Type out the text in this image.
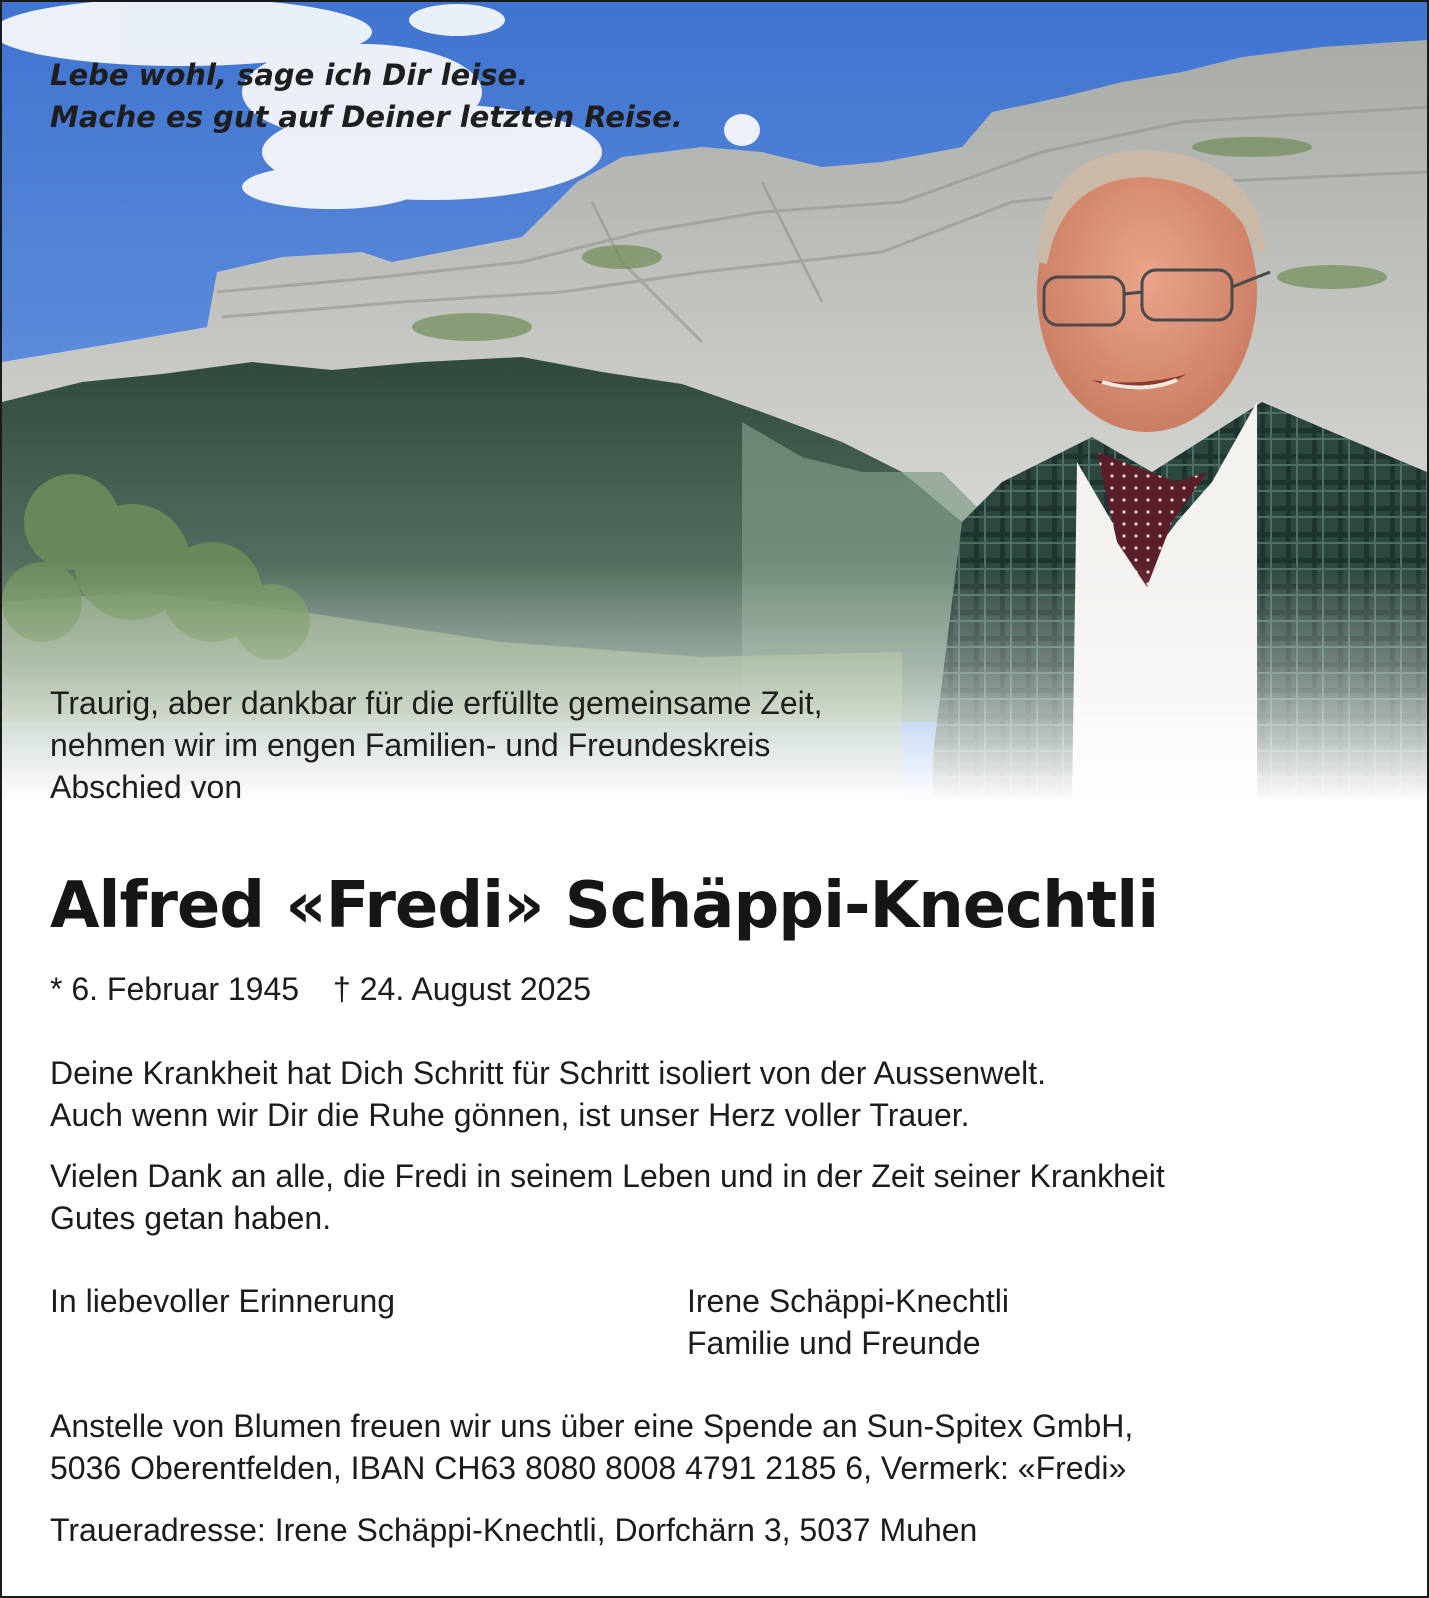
Lebe wohl, sage ich Dir leise.
Mache es gut auf Deiner letzten Reise.

Traurig, aber dankbar für die erfüllte gemeinsame Zeit,
nehmen wir im engen Familien- und Freundeskreis
Abschied von

Alfred «Fredi» Schäppi-Knechtli

* 6. Februar 1945 † 24. August 2025

Deine Krankheit hat Dich Schritt für Schritt isoliert von der Aussenwelt.
Auch wenn wir Dir die Ruhe gönnen, ist unser Herz voller Trauer.

Vielen Dank an alle, die Fredi in seinem Leben und in der Zeit seiner Krankheit
Gutes getan haben.

In liebevoller Erinnerung	Irene Schäppi-Knechtli
Familie und Freunde

Anstelle von Blumen freuen wir uns über eine Spende an Sun-Spitex GmbH,
5036 Oberentfelden, IBAN CH63 8080 8008 4791 2185 6, Vermerk: «Fredi»

Traueradresse: Irene Schäppi-Knechtli, Dorfchärn 3, 5037 Muhen
